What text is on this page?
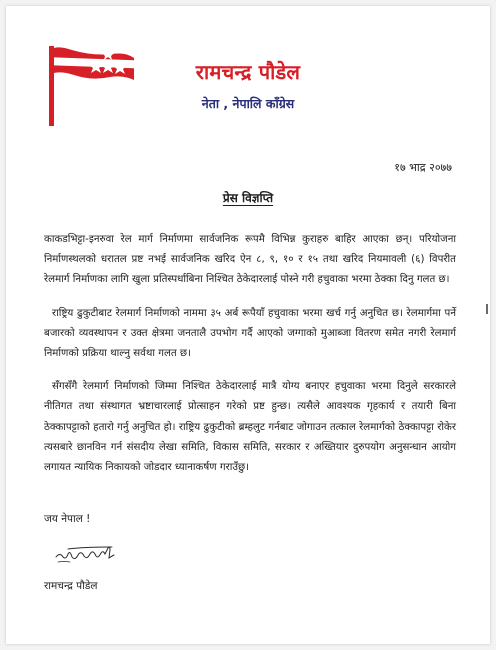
रामचन्द्र पौडेल
नेता , नेपालि काँग्रेस
१७ भाद्र २०७७
प्रेस विज्ञप्ति

काकडभिट्टा-इनरुवा रेल मार्ग निर्माणमा सार्वजनिक रूपमै विभिन्न कुराहरु बाहिर आएका छन्। परियोजना निर्माणस्थलको धरातल प्रष्ट नभई सार्वजनिक खरिद ऐन ८, ९, १० र १५ तथा खरिद नियमावली (६) विपरीत रेलमार्ग निर्माणका लागि खुला प्रतिस्पर्धाबिना निश्चित ठेकेदारलाई पोस्ने गरी हचुवाका भरमा ठेक्का दिनु गलत छ।

राष्ट्रिय ढुकुटीबाट रेलमार्ग निर्माणको नाममा ३५ अर्ब रूपैयाँ हचुवाका भरमा खर्च गर्नु अनुचित छ। रेलमार्गमा पर्ने बजारको व्यवस्थापन र उक्त क्षेत्रमा जनतालै उपभोग गर्दै आएको जग्गाको मुआब्जा वितरण समेत नगरी रेलमार्ग निर्माणको प्रक्रिया थाल्नु सर्वथा गलत छ।

सँगसँगै रेलमार्ग निर्माणको जिम्मा निश्चित ठेकेदारलाई मात्रै योग्य बनाएर हचुवाका भरमा दिनुले सरकारले नीतिगत तथा संस्थागत भ्रष्टाचारलाई प्रोत्साहन गरेको प्रष्ट हुन्छ। त्यसैले आवश्यक गृहकार्य र तयारी बिना ठेक्कापट्टाको हतारो गर्नु अनुचित हो। राष्ट्रिय ढुकुटीको ब्रम्हलुट गर्नबाट जोगाउन तत्काल रेलमार्गको ठेक्कापट्टा रोकेर त्यसबारे छानविन गर्न संसदीय लेखा समिति, विकास समिति, सरकार र अख्तियार दुरुपयोग अनुसन्धान आयोग लगायत न्यायिक निकायको जोडदार ध्यानाकर्षण गराउँछु।

जय नेपाल !
रामचन्द्र पौडेल
